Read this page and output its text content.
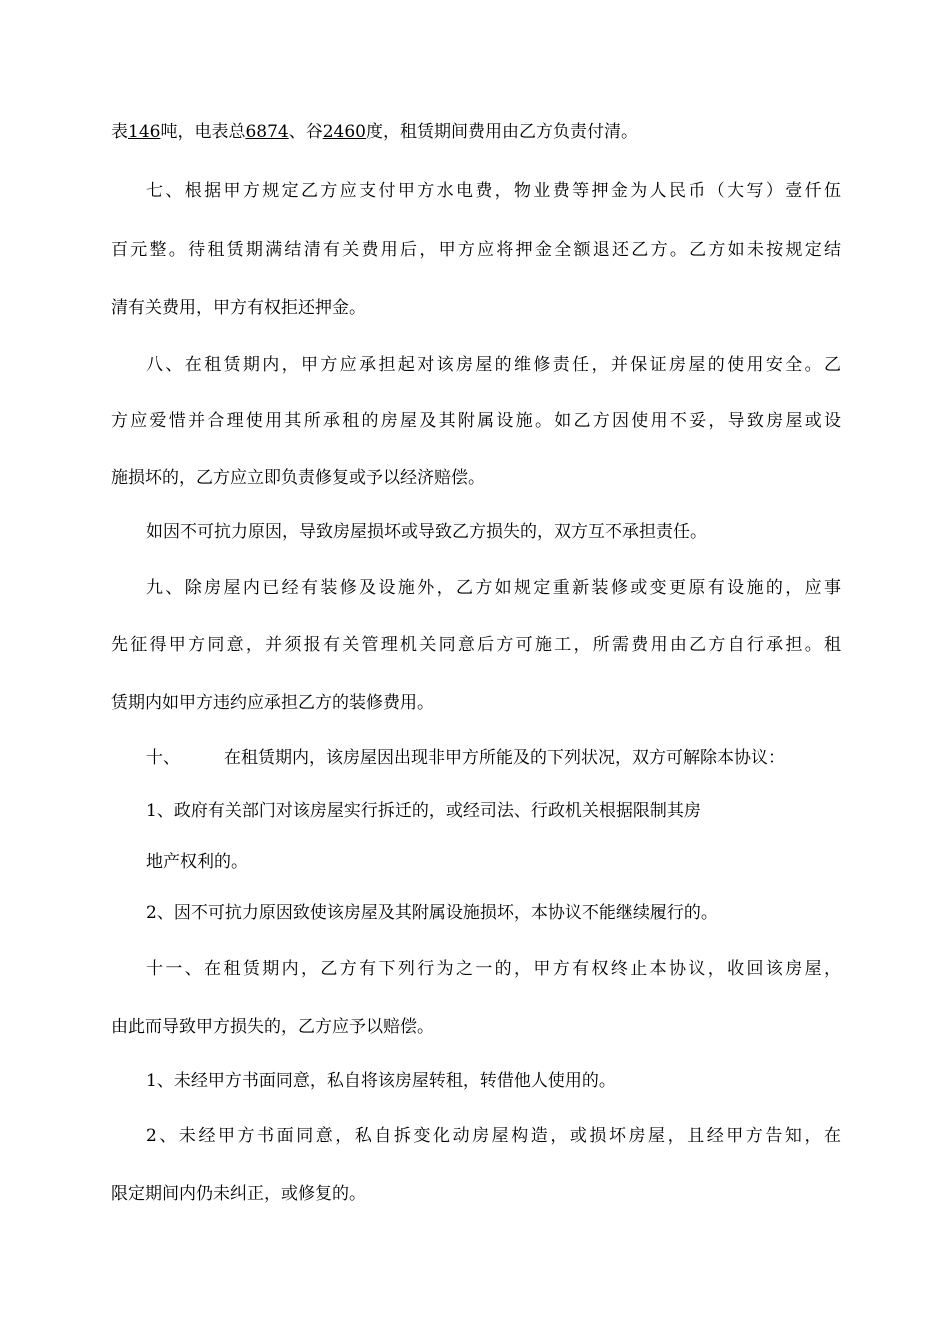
表146吨，电表总6874、谷2460度，租赁期间费用由乙方负责付清。
七、根据甲方规定乙方应支付甲方水电费，物业费等押金为人民币（大写）壹仟伍
百元整。待租赁期满结清有关费用后，甲方应将押金全额退还乙方。乙方如未按规定结
清有关费用，甲方有权拒还押金。
八、在租赁期内，甲方应承担起对该房屋的维修责任，并保证房屋的使用安全。乙
方应爱惜并合理使用其所承租的房屋及其附属设施。如乙方因使用不妥，导致房屋或设
施损坏的，乙方应立即负责修复或予以经济赔偿。
如因不可抗力原因，导致房屋损坏或导致乙方损失的，双方互不承担责任。
九、除房屋内已经有装修及设施外，乙方如规定重新装修或变更原有设施的，应事
先征得甲方同意，并须报有关管理机关同意后方可施工，所需费用由乙方自行承担。租
赁期内如甲方违约应承担乙方的装修费用。
十、	在租赁期内，该房屋因出现非甲方所能及的下列状况，双方可解除本协议：
1、政府有关部门对该房屋实行拆迁的，或经司法、行政机关根据限制其房
地产权利的。
2、因不可抗力原因致使该房屋及其附属设施损坏，本协议不能继续履行的。
十一、在租赁期内，乙方有下列行为之一的，甲方有权终止本协议，收回该房屋，
由此而导致甲方损失的，乙方应予以赔偿。
1、未经甲方书面同意，私自将该房屋转租，转借他人使用的。
2、未经甲方书面同意，私自拆变化动房屋构造，或损坏房屋，且经甲方告知，在
限定期间内仍未纠正，或修复的。
